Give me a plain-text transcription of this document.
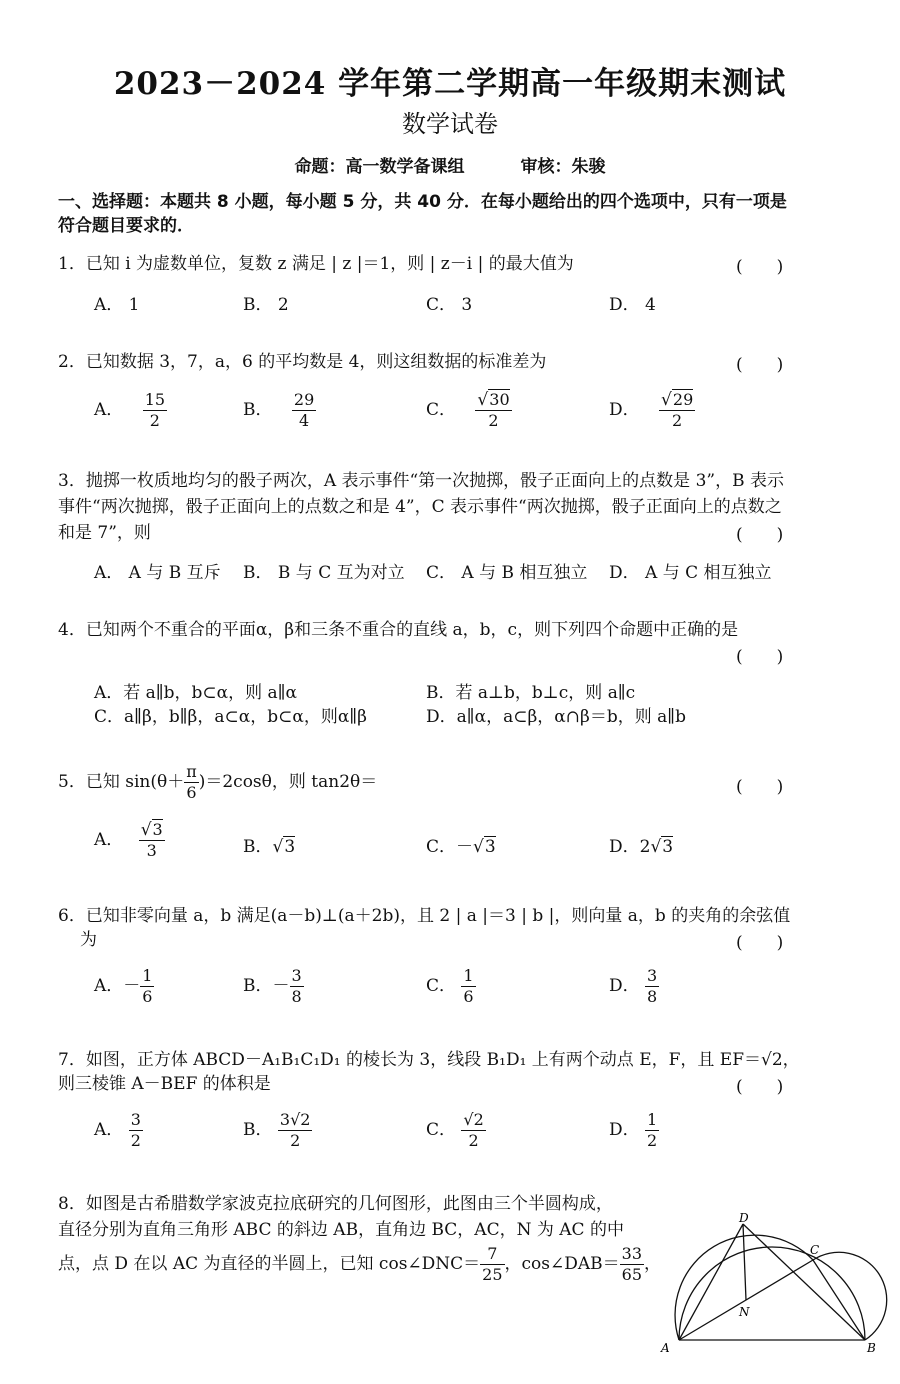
2023－2024 学年第二学期高一年级期末测试
数学试卷
命题：高一数学备课组	审核：朱骏
一、选择题：本题共 8 小题，每小题 5 分，共 40 分．在每小题给出的四个选项中，只有一项是符合题目要求的．
1．已知 i 为虚数单位，复数 z 满足 | z |＝1，则 | z－i | 的最大值为	(　　)
A． 1	B． 2	C． 3	D． 4
2．已知数据 3，7，a，6 的平均数是 4，则这组数据的标准差为	(　　)
A． $\frac{15}{2}$	B． $\frac{29}{4}$	C． $\frac{√30}{2}$	D． $\frac{√29}{2}$
3．抛掷一枚质地均匀的骰子两次，A 表示事件“第一次抛掷，骰子正面向上的点数是 3”，B 表示事件“两次抛掷，骰子正面向上的点数之和是 4”，C 表示事件“两次抛掷，骰子正面向上的点数之和是 7”，则	(　　)
A． A 与 B 互斥 B． B 与 C 互为对立 C． A 与 B 相互独立 D． A 与 C 相互独立
4．已知两个不重合的平面α，β和三条不重合的直线 a，b，c，则下列四个命题中正确的是
(　　)
A．若 a∥b，b⊂α，则 a∥α	B．若 a⊥b，b⊥c，则 a∥c
C．a∥β，b∥β，a⊂α，b⊂α，则α∥β	D．a∥α，a⊂β，α∩β＝b，则 a∥b
5．已知 $\sin(\theta+ \frac{\pi}{6} )=2\cos\theta$，则 tan2θ＝	(　　)
A． $\frac{√3}{3}$	B．√3	C．－√3	D．2√3
6．已知非零向量 a，b 满足(a－b)⊥(a＋2b)，且 2 | a |＝3 | b |，则向量 a，b 的夹角的余弦值
为	(　　)
A．－ $\frac{1}{6}$	B．－ $\frac{3}{8}$	C． $\frac{1}{6}$	D． $\frac{3}{8}$
7．如图，正方体 ABCD－A₁B₁C₁D₁ 的棱长为 3，线段 B₁D₁ 上有两个动点 E，F，且 EF＝√2，
则三棱锥 A－BEF 的体积是	(　　)
A． $\frac{3}{2}$	B． $\frac{3√2}{2}$	C． $\frac{√2}{2}$	D． $\frac{1}{2}$
8．如图是古希腊数学家波克拉底研究的几何图形，此图由三个半圆构成，
直径分别为直角三角形 ABC 的斜边 AB，直角边 BC，AC，N 为 AC 的中
点，点 D 在以 AC 为直径的半圆上，已知 cos∠DNC＝ $\frac{7}{25}$ ，cos∠DAB＝ $\frac{33}{65}$ ，
D
C
N
A	B
